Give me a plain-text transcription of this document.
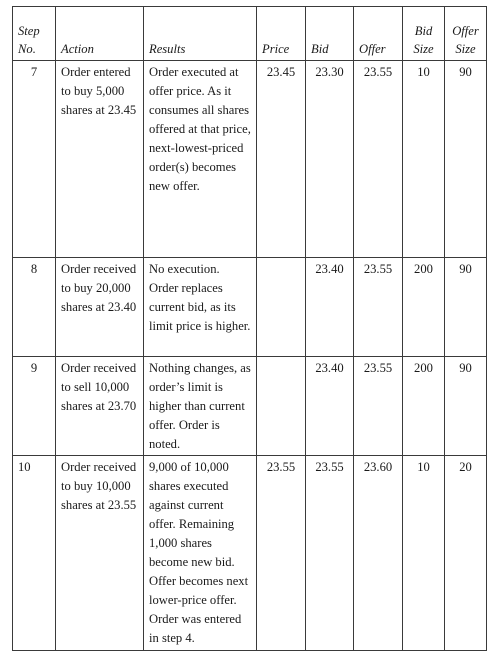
Step No.	Action	Results	Price	Bid	Offer	Bid Size	Offer Size
7	Order entered to buy 5,000 shares at 23.45	Order executed at offer price. As it consumes all shares offered at that price, next-lowest-priced order(s) becomes new offer.	23.45	23.30	23.55	10	90
8	Order received to buy 20,000 shares at 23.40	No execution. Order replaces current bid, as its limit price is higher.		23.40	23.55	200	90
9	Order received to sell 10,000 shares at 23.70	Nothing changes, as order’s limit is higher than current offer. Order is noted.		23.40	23.55	200	90
10	Order received to buy 10,000 shares at 23.55	9,000 of 10,000 shares executed against current offer. Remaining 1,000 shares become new bid. Offer becomes next lower-price offer. Order was entered in step 4.	23.55	23.55	23.60	10	20
